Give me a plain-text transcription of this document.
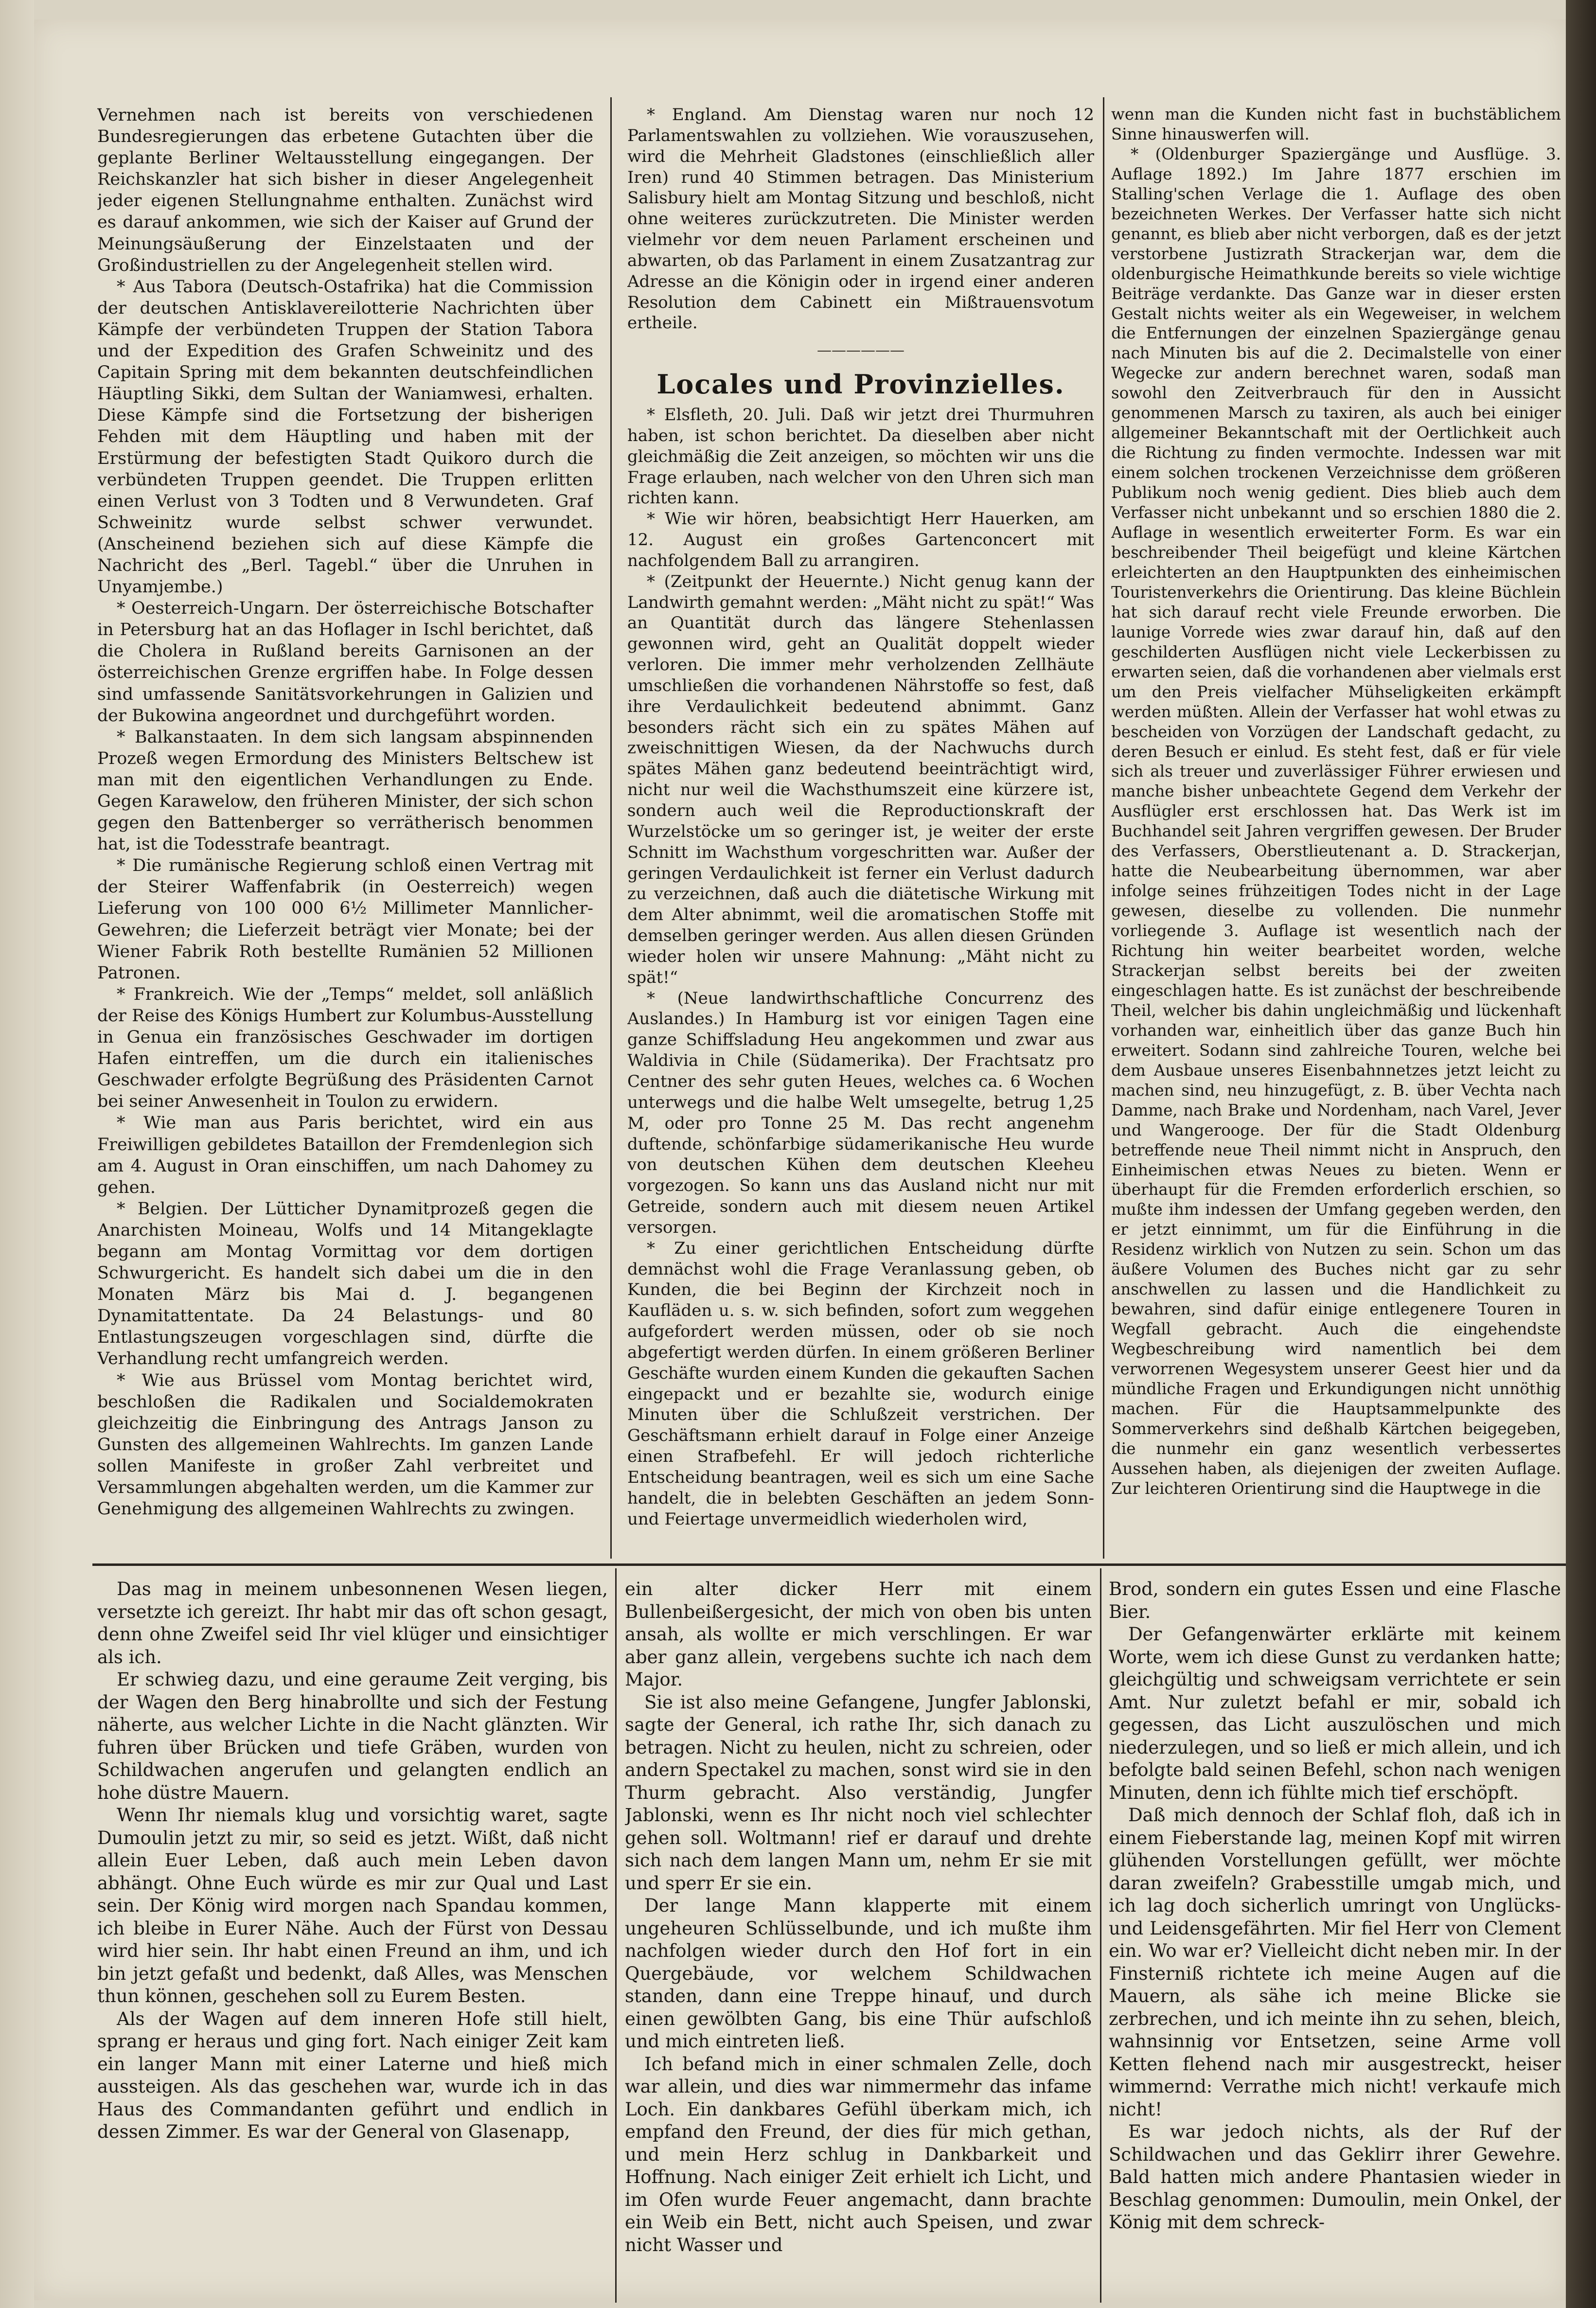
Vernehmen nach ist bereits von verschiedenen Bundesregierungen das erbetene Gutachten über die geplante Berliner Weltausstellung eingegangen. Der Reichskanzler hat sich bisher in dieser Angelegenheit jeder eigenen Stellungnahme enthalten. Zunächst wird es darauf ankommen, wie sich der Kaiser auf Grund der Meinungsäußerung der Einzelstaaten und der Großindustriellen zu der Angelegenheit stellen wird.

* Aus Tabora (Deutsch-Ostafrika) hat die Commission der deutschen Antisklavereilotterie Nachrichten über Kämpfe der verbündeten Truppen der Station Tabora und der Expedition des Grafen Schweinitz und des Capitain Spring mit dem bekannten deutschfeindlichen Häuptling Sikki, dem Sultan der Waniamwesi, erhalten. Diese Kämpfe sind die Fortsetzung der bisherigen Fehden mit dem Häuptling und haben mit der Erstürmung der befestigten Stadt Quikoro durch die verbündeten Truppen geendet. Die Truppen erlitten einen Verlust von 3 Todten und 8 Verwundeten. Graf Schweinitz wurde selbst schwer verwundet. (Anscheinend beziehen sich auf diese Kämpfe die Nachricht des „Berl. Tagebl.“ über die Unruhen in Unyamjembe.)

* Oesterreich-Ungarn. Der österreichische Botschafter in Petersburg hat an das Hoflager in Ischl berichtet, daß die Cholera in Rußland bereits Garnisonen an der österreichischen Grenze ergriffen habe. In Folge dessen sind umfassende Sanitätsvorkehrungen in Galizien und der Bukowina angeordnet und durchgeführt worden.

* Balkanstaaten. In dem sich langsam abspinnenden Prozeß wegen Ermordung des Ministers Beltschew ist man mit den eigentlichen Verhandlungen zu Ende. Gegen Karawelow, den früheren Minister, der sich schon gegen den Battenberger so verrätherisch benommen hat, ist die Todesstrafe beantragt.

* Die rumänische Regierung schloß einen Vertrag mit der Steirer Waffenfabrik (in Oesterreich) wegen Lieferung von 100 000 6½ Millimeter Mannlicher-Gewehren; die Lieferzeit beträgt vier Monate; bei der Wiener Fabrik Roth bestellte Rumänien 52 Millionen Patronen.

* Frankreich. Wie der „Temps“ meldet, soll anläßlich der Reise des Königs Humbert zur Kolumbus-Ausstellung in Genua ein französisches Geschwader im dortigen Hafen eintreffen, um die durch ein italienisches Geschwader erfolgte Begrüßung des Präsidenten Carnot bei seiner Anwesenheit in Toulon zu erwidern.

* Wie man aus Paris berichtet, wird ein aus Freiwilligen gebildetes Bataillon der Fremdenlegion sich am 4. August in Oran einschiffen, um nach Dahomey zu gehen.

* Belgien. Der Lütticher Dynamitprozeß gegen die Anarchisten Moineau, Wolfs und 14 Mitangeklagte begann am Montag Vormittag vor dem dortigen Schwurgericht. Es handelt sich dabei um die in den Monaten März bis Mai d. J. begangenen Dynamitattentate. Da 24 Belastungs- und 80 Entlastungszeugen vorgeschlagen sind, dürfte die Verhandlung recht umfangreich werden.

* Wie aus Brüssel vom Montag berichtet wird, beschloßen die Radikalen und Socialdemokraten gleichzeitig die Einbringung des Antrags Janson zu Gunsten des allgemeinen Wahlrechts. Im ganzen Lande sollen Manifeste in großer Zahl verbreitet und Versammlungen abgehalten werden, um die Kammer zur Genehmigung des allgemeinen Wahlrechts zu zwingen.

* England. Am Dienstag waren nur noch 12 Parlamentswahlen zu vollziehen. Wie vorauszusehen, wird die Mehrheit Gladstones (einschließlich aller Iren) rund 40 Stimmen betragen. Das Ministerium Salisbury hielt am Montag Sitzung und beschloß, nicht ohne weiteres zurückzutreten. Die Minister werden vielmehr vor dem neuen Parlament erscheinen und abwarten, ob das Parlament in einem Zusatzantrag zur Adresse an die Königin oder in irgend einer anderen Resolution dem Cabinett ein Mißtrauensvotum ertheile.

——————
Locales und Provinzielles.

* Elsfleth, 20. Juli. Daß wir jetzt drei Thurmuhren haben, ist schon berichtet. Da dieselben aber nicht gleichmäßig die Zeit anzeigen, so möchten wir uns die Frage erlauben, nach welcher von den Uhren sich man richten kann.

* Wie wir hören, beabsichtigt Herr Hauerken, am 12. August ein großes Gartenconcert mit nachfolgendem Ball zu arrangiren.

* (Zeitpunkt der Heuernte.) Nicht genug kann der Landwirth gemahnt werden: „Mäht nicht zu spät!“ Was an Quantität durch das längere Stehenlassen gewonnen wird, geht an Qualität doppelt wieder verloren. Die immer mehr verholzenden Zellhäute umschließen die vorhandenen Nährstoffe so fest, daß ihre Verdaulichkeit bedeutend abnimmt. Ganz besonders rächt sich ein zu spätes Mähen auf zweischnittigen Wiesen, da der Nachwuchs durch spätes Mähen ganz bedeutend beeinträchtigt wird, nicht nur weil die Wachsthumszeit eine kürzere ist, sondern auch weil die Reproductionskraft der Wurzelstöcke um so geringer ist, je weiter der erste Schnitt im Wachsthum vorgeschritten war. Außer der geringen Verdaulichkeit ist ferner ein Verlust dadurch zu verzeichnen, daß auch die diätetische Wirkung mit dem Alter abnimmt, weil die aromatischen Stoffe mit demselben geringer werden. Aus allen diesen Gründen wieder holen wir unsere Mahnung: „Mäht nicht zu spät!“

* (Neue landwirthschaftliche Concurrenz des Auslandes.) In Hamburg ist vor einigen Tagen eine ganze Schiffsladung Heu angekommen und zwar aus Waldivia in Chile (Südamerika). Der Frachtsatz pro Centner des sehr guten Heues, welches ca. 6 Wochen unterwegs und die halbe Welt umsegelte, betrug 1,25 M, oder pro Tonne 25 M. Das recht angenehm duftende, schönfarbige südamerikanische Heu wurde von deutschen Kühen dem deutschen Kleeheu vorgezogen. So kann uns das Ausland nicht nur mit Getreide, sondern auch mit diesem neuen Artikel versorgen.

* Zu einer gerichtlichen Entscheidung dürfte demnächst wohl die Frage Veranlassung geben, ob Kunden, die bei Beginn der Kirchzeit noch in Kaufläden u. s. w. sich befinden, sofort zum weggehen aufgefordert werden müssen, oder ob sie noch abgefertigt werden dürfen. In einem größeren Berliner Geschäfte wurden einem Kunden die gekauften Sachen eingepackt und er bezahlte sie, wodurch einige Minuten über die Schlußzeit verstrichen. Der Geschäftsmann erhielt darauf in Folge einer Anzeige einen Strafbefehl. Er will jedoch richterliche Entscheidung beantragen, weil es sich um eine Sache handelt, die in belebten Geschäften an jedem Sonn- und Feiertage unvermeidlich wiederholen wird,

wenn man die Kunden nicht fast in buchstäblichem Sinne hinauswerfen will.

* (Oldenburger Spaziergänge und Ausflüge. 3. Auflage 1892.) Im Jahre 1877 erschien im Stalling'schen Verlage die 1. Auflage des oben bezeichneten Werkes. Der Verfasser hatte sich nicht genannt, es blieb aber nicht verborgen, daß es der jetzt verstorbene Justizrath Strackerjan war, dem die oldenburgische Heimathkunde bereits so viele wichtige Beiträge verdankte. Das Ganze war in dieser ersten Gestalt nichts weiter als ein Wegeweiser, in welchem die Entfernungen der einzelnen Spaziergänge genau nach Minuten bis auf die 2. Decimalstelle von einer Wegecke zur andern berechnet waren, sodaß man sowohl den Zeitverbrauch für den in Aussicht genommenen Marsch zu taxiren, als auch bei einiger allgemeiner Bekanntschaft mit der Oertlichkeit auch die Richtung zu finden vermochte. Indessen war mit einem solchen trockenen Verzeichnisse dem größeren Publikum noch wenig gedient. Dies blieb auch dem Verfasser nicht unbekannt und so erschien 1880 die 2. Auflage in wesentlich erweiterter Form. Es war ein beschreibender Theil beigefügt und kleine Kärtchen erleichterten an den Hauptpunkten des einheimischen Touristenverkehrs die Orientirung. Das kleine Büchlein hat sich darauf recht viele Freunde erworben. Die launige Vorrede wies zwar darauf hin, daß auf den geschilderten Ausflügen nicht viele Leckerbissen zu erwarten seien, daß die vorhandenen aber vielmals erst um den Preis vielfacher Mühseligkeiten erkämpft werden müßten. Allein der Verfasser hat wohl etwas zu bescheiden von Vorzügen der Landschaft gedacht, zu deren Besuch er einlud. Es steht fest, daß er für viele sich als treuer und zuverlässiger Führer erwiesen und manche bisher unbeachtete Gegend dem Verkehr der Ausflügler erst erschlossen hat. Das Werk ist im Buchhandel seit Jahren vergriffen gewesen. Der Bruder des Verfassers, Oberstlieutenant a. D. Strackerjan, hatte die Neubearbeitung übernommen, war aber infolge seines frühzeitigen Todes nicht in der Lage gewesen, dieselbe zu vollenden. Die nunmehr vorliegende 3. Auflage ist wesentlich nach der Richtung hin weiter bearbeitet worden, welche Strackerjan selbst bereits bei der zweiten eingeschlagen hatte. Es ist zunächst der beschreibende Theil, welcher bis dahin ungleichmäßig und lückenhaft vorhanden war, einheitlich über das ganze Buch hin erweitert. Sodann sind zahlreiche Touren, welche bei dem Ausbaue unseres Eisenbahnnetzes jetzt leicht zu machen sind, neu hinzugefügt, z. B. über Vechta nach Damme, nach Brake und Nordenham, nach Varel, Jever und Wangerooge. Der für die Stadt Oldenburg betreffende neue Theil nimmt nicht in Anspruch, den Einheimischen etwas Neues zu bieten. Wenn er überhaupt für die Fremden erforderlich erschien, so mußte ihm indessen der Umfang gegeben werden, den er jetzt einnimmt, um für die Einführung in die Residenz wirklich von Nutzen zu sein. Schon um das äußere Volumen des Buches nicht gar zu sehr anschwellen zu lassen und die Handlichkeit zu bewahren, sind dafür einige entlegenere Touren in Wegfall gebracht. Auch die eingehendste Wegbeschreibung wird namentlich bei dem verworrenen Wegesystem unserer Geest hier und da mündliche Fragen und Erkundigungen nicht unnöthig machen. Für die Hauptsammelpunkte des Sommerverkehrs sind deßhalb Kärtchen beigegeben, die nunmehr ein ganz wesentlich verbessertes Aussehen haben, als diejenigen der zweiten Auflage. Zur leichteren Orientirung sind die Hauptwege in die

Das mag in meinem unbesonnenen Wesen liegen, versetzte ich gereizt. Ihr habt mir das oft schon gesagt, denn ohne Zweifel seid Ihr viel klüger und einsichtiger als ich.

Er schwieg dazu, und eine geraume Zeit verging, bis der Wagen den Berg hinabrollte und sich der Festung näherte, aus welcher Lichte in die Nacht glänzten. Wir fuhren über Brücken und tiefe Gräben, wurden von Schildwachen angerufen und gelangten endlich an hohe düstre Mauern.

Wenn Ihr niemals klug und vorsichtig waret, sagte Dumoulin jetzt zu mir, so seid es jetzt. Wißt, daß nicht allein Euer Leben, daß auch mein Leben davon abhängt. Ohne Euch würde es mir zur Qual und Last sein. Der König wird morgen nach Spandau kommen, ich bleibe in Eurer Nähe. Auch der Fürst von Dessau wird hier sein. Ihr habt einen Freund an ihm, und ich bin jetzt gefaßt und bedenkt, daß Alles, was Menschen thun können, geschehen soll zu Eurem Besten.

Als der Wagen auf dem inneren Hofe still hielt, sprang er heraus und ging fort. Nach einiger Zeit kam ein langer Mann mit einer Laterne und hieß mich aussteigen. Als das geschehen war, wurde ich in das Haus des Commandanten geführt und endlich in dessen Zimmer. Es war der General von Glasenapp,

ein alter dicker Herr mit einem Bullenbeißergesicht, der mich von oben bis unten ansah, als wollte er mich verschlingen. Er war aber ganz allein, vergebens suchte ich nach dem Major.

Sie ist also meine Gefangene, Jungfer Jablonski, sagte der General, ich rathe Ihr, sich danach zu betragen. Nicht zu heulen, nicht zu schreien, oder andern Spectakel zu machen, sonst wird sie in den Thurm gebracht. Also verständig, Jungfer Jablonski, wenn es Ihr nicht noch viel schlechter gehen soll. Woltmann! rief er darauf und drehte sich nach dem langen Mann um, nehm Er sie mit und sperr Er sie ein.

Der lange Mann klapperte mit einem ungeheuren Schlüsselbunde, und ich mußte ihm nachfolgen wieder durch den Hof fort in ein Quergebäude, vor welchem Schildwachen standen, dann eine Treppe hinauf, und durch einen gewölbten Gang, bis eine Thür aufschloß und mich eintreten ließ.

Ich befand mich in einer schmalen Zelle, doch war allein, und dies war nimmermehr das infame Loch. Ein dankbares Gefühl überkam mich, ich empfand den Freund, der dies für mich gethan, und mein Herz schlug in Dankbarkeit und Hoffnung. Nach einiger Zeit erhielt ich Licht, und im Ofen wurde Feuer angemacht, dann brachte ein Weib ein Bett, nicht auch Speisen, und zwar nicht Wasser und

Brod, sondern ein gutes Essen und eine Flasche Bier.

Der Gefangenwärter erklärte mit keinem Worte, wem ich diese Gunst zu verdanken hatte; gleichgültig und schweigsam verrichtete er sein Amt. Nur zuletzt befahl er mir, sobald ich gegessen, das Licht auszulöschen und mich niederzulegen, und so ließ er mich allein, und ich befolgte bald seinen Befehl, schon nach wenigen Minuten, denn ich fühlte mich tief erschöpft.

Daß mich dennoch der Schlaf floh, daß ich in einem Fieberstande lag, meinen Kopf mit wirren glühenden Vorstellungen gefüllt, wer möchte daran zweifeln? Grabesstille umgab mich, und ich lag doch sicherlich umringt von Unglücks- und Leidensgefährten. Mir fiel Herr von Clement ein. Wo war er? Vielleicht dicht neben mir. In der Finsterniß richtete ich meine Augen auf die Mauern, als sähe ich meine Blicke sie zerbrechen, und ich meinte ihn zu sehen, bleich, wahnsinnig vor Entsetzen, seine Arme voll Ketten flehend nach mir ausgestreckt, heiser wimmernd: Verrathe mich nicht! verkaufe mich nicht!

Es war jedoch nichts, als der Ruf der Schildwachen und das Geklirr ihrer Gewehre. Bald hatten mich andere Phantasien wieder in Beschlag genommen: Dumoulin, mein Onkel, der König mit dem schreck-
